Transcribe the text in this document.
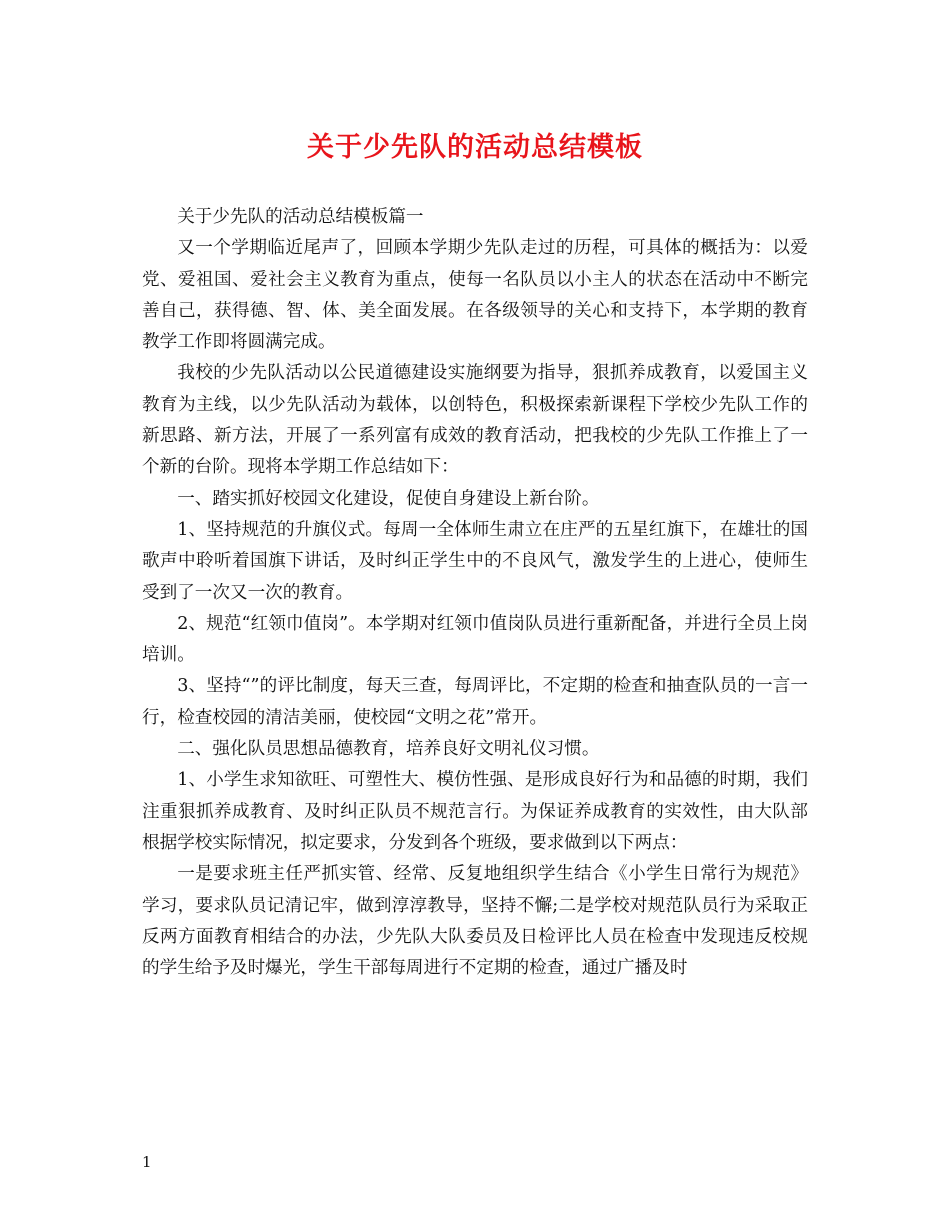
关于少先队的活动总结模板

关于少先队的活动总结模板篇一

又一个学期临近尾声了，回顾本学期少先队走过的历程，可具体的概括为：以爱党、爱祖国、爱社会主义教育为重点，使每一名队员以小主人的状态在活动中不断完善自己，获得德、智、体、美全面发展。在各级领导的关心和支持下，本学期的教育教学工作即将圆满完成。

我校的少先队活动以公民道德建设实施纲要为指导，狠抓养成教育，以爱国主义教育为主线，以少先队活动为载体，以创特色，积极探索新课程下学校少先队工作的新思路、新方法，开展了一系列富有成效的教育活动，把我校的少先队工作推上了一个新的台阶。现将本学期工作总结如下：

一、踏实抓好校园文化建设，促使自身建设上新台阶。

1、坚持规范的升旗仪式。每周一全体师生肃立在庄严的五星红旗下，在雄壮的国歌声中聆听着国旗下讲话，及时纠正学生中的不良风气，激发学生的上进心，使师生受到了一次又一次的教育。

2、规范“红领巾值岗”。本学期对红领巾值岗队员进行重新配备，并进行全员上岗培训。

3、坚持“”的评比制度，每天三查，每周评比，不定期的检查和抽查队员的一言一行，检查校园的清洁美丽，使校园“文明之花”常开。

二、强化队员思想品德教育，培养良好文明礼仪习惯。

1、小学生求知欲旺、可塑性大、模仿性强、是形成良好行为和品德的时期，我们注重狠抓养成教育、及时纠正队员不规范言行。为保证养成教育的实效性，由大队部根据学校实际情况，拟定要求，分发到各个班级，要求做到以下两点：

一是要求班主任严抓实管、经常、反复地组织学生结合《小学生日常行为规范》学习，要求队员记清记牢，做到淳淳教导，坚持不懈;二是学校对规范队员行为采取正反两方面教育相结合的办法，少先队大队委员及日检评比人员在检查中发现违反校规的学生给予及时爆光，学生干部每周进行不定期的检查，通过广播及时

1
